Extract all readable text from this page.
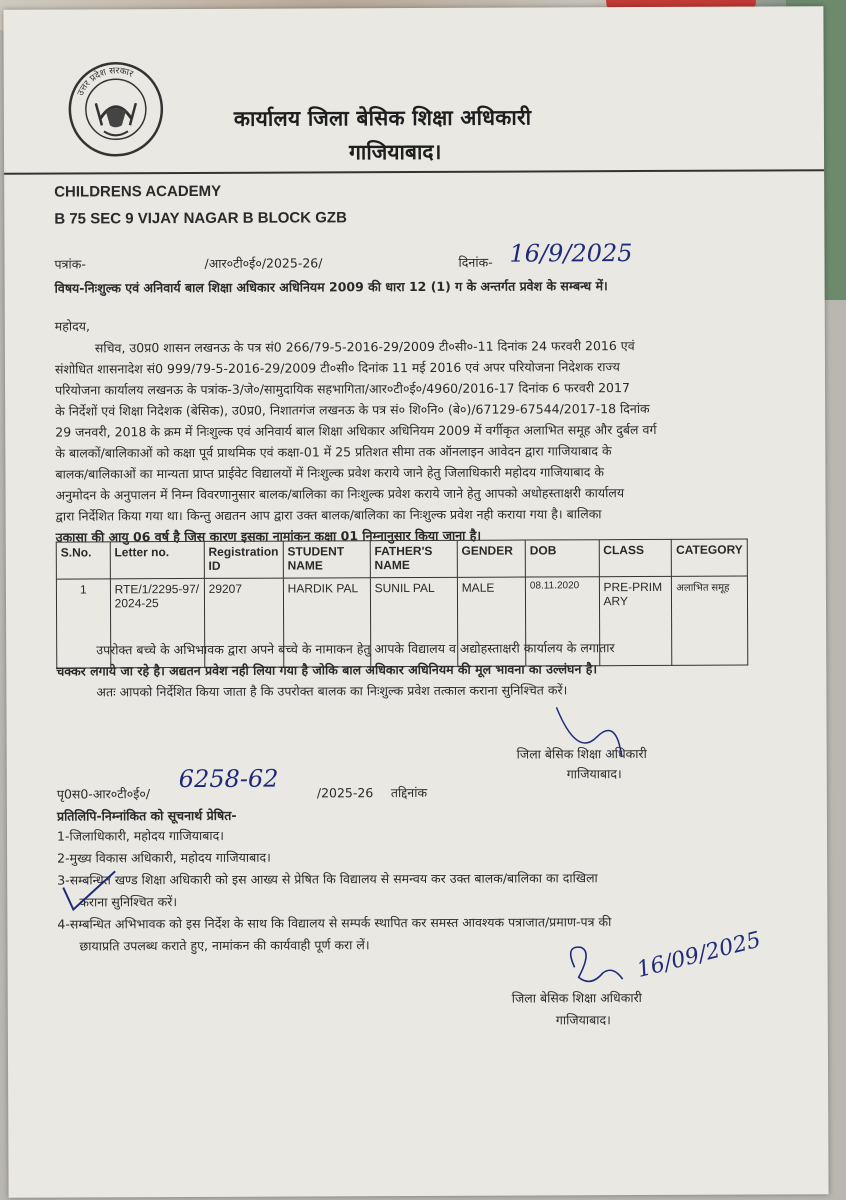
उत्तर प्रदेश सरकार
कार्यालय जिला बेसिक शिक्षा अधिकारी
गाजियाबाद।
CHILDRENS ACADEMY
B 75 SEC 9 VIJAY NAGAR B BLOCK GZB
पत्रांक-	/आर०टी०ई०/2025-26/	दिनांक- 16/9/2025
विषय-निःशुल्क एवं अनिवार्य बाल शिक्षा अधिकार अधिनियम 2009 की धारा 12 (1) ग के अन्तर्गत प्रवेश के सम्बन्ध में।
महोदय,
सचिव, उ0प्र0 शासन लखनऊ के पत्र सं0 266/79-5-2016-29/2009 टी०सी०-11 दिनांक 24 फरवरी 2016 एवं
संशोधित शासनादेश सं0 999/79-5-2016-29/2009 टी०सी० दिनांक 11 मई 2016 एवं अपर परियोजना निदेशक राज्य
परियोजना कार्यालय लखनऊ के पत्रांक-3/जे०/सामुदायिक सहभागिता/आर०टी०ई०/4960/2016-17 दिनांक 6 फरवरी 2017
के निर्देशों एवं शिक्षा निदेशक (बेसिक), उ0प्र0, निशातगंज लखनऊ के पत्र सं० शि०नि० (बे०)/67129-67544/2017-18 दिनांक
29 जनवरी, 2018 के क्रम में निःशुल्क एवं अनिवार्य बाल शिक्षा अधिकार अधिनियम 2009 में वर्गीकृत अलाभित समूह और दुर्बल वर्ग
के बालकों/बालिकाओं को कक्षा पूर्व प्राथमिक एवं कक्षा-01 में 25 प्रतिशत सीमा तक ऑनलाइन आवेदन द्वारा गाजियाबाद के
बालक/बालिकाओं का मान्यता प्राप्त प्राईवेट विद्यालयों में निःशुल्क प्रवेश कराये जाने हेतु जिलाधिकारी महोदय गाजियाबाद के
अनुमोदन के अनुपालन में निम्न विवरणानुसार बालक/बालिका का निःशुल्क प्रवेश कराये जाने हेतु आपको अधोहस्ताक्षरी कार्यालय
द्वारा निर्देशित किया गया था। किन्तु अद्यतन आप द्वारा उक्त बालक/बालिका का निःशुल्क प्रवेश नही कराया गया है। बालिका
उकासा की आयु 06 वर्ष है जिस कारण इसका नामांकन कक्षा 01 निम्नानुसार किया जाना है।
S.No.	Letter no.	Registration ID	STUDENT NAME	FATHER'S NAME	GENDER	DOB	CLASS	CATEGORY
1	RTE/1/2295-97/2024-25	29207	HARDIK PAL	SUNIL PAL	MALE	08.11.2020	PRE-PRIMARY	अलाभित समूह
उपरोक्त बच्चे के अभिभावक द्वारा अपने बच्चे के नामाकन हेतु आपके विद्यालय व अद्योहस्ताक्षरी कार्यालय के लगातार
चक्कर लगाये जा रहे है। अद्यतन प्रवेश नही लिया गया है जोकि बाल अधिकार अधिनियम की मूल भावना का उल्लंघन है।
अतः आपको निर्देशित किया जाता है कि उपरोक्त बालक का निःशुल्क प्रवेश तत्काल कराना सुनिश्चित करें।
जिला बेसिक शिक्षा अधिकारी
गाजियाबाद।
पृ0स0-आर०टी०ई०/
6258-62	/2025-26 तद्दिनांक
प्रतिलिपि-निम्नांकित को सूचनार्थ प्रेषित-
1-जिलाधिकारी, महोदय गाजियाबाद।
2-मुख्य विकास अधिकारी, महोदय गाजियाबाद।
3-सम्बन्धित खण्ड शिक्षा अधिकारी को इस आख्य से प्रेषित कि विद्यालय से समन्वय कर उक्त बालक/बालिका का दाखिला
कराना सुनिश्चित करें।
4-सम्बन्धित अभिभावक को इस निर्देश के साथ कि विद्यालय से सम्पर्क स्थापित कर समस्त आवश्यक पत्राजात/प्रमाण-पत्र की
छायाप्रति उपलब्ध कराते हुए, नामांकन की कार्यवाही पूर्ण करा लें।	16/09/2025
जिला बेसिक शिक्षा अधिकारी
गाजियाबाद।
